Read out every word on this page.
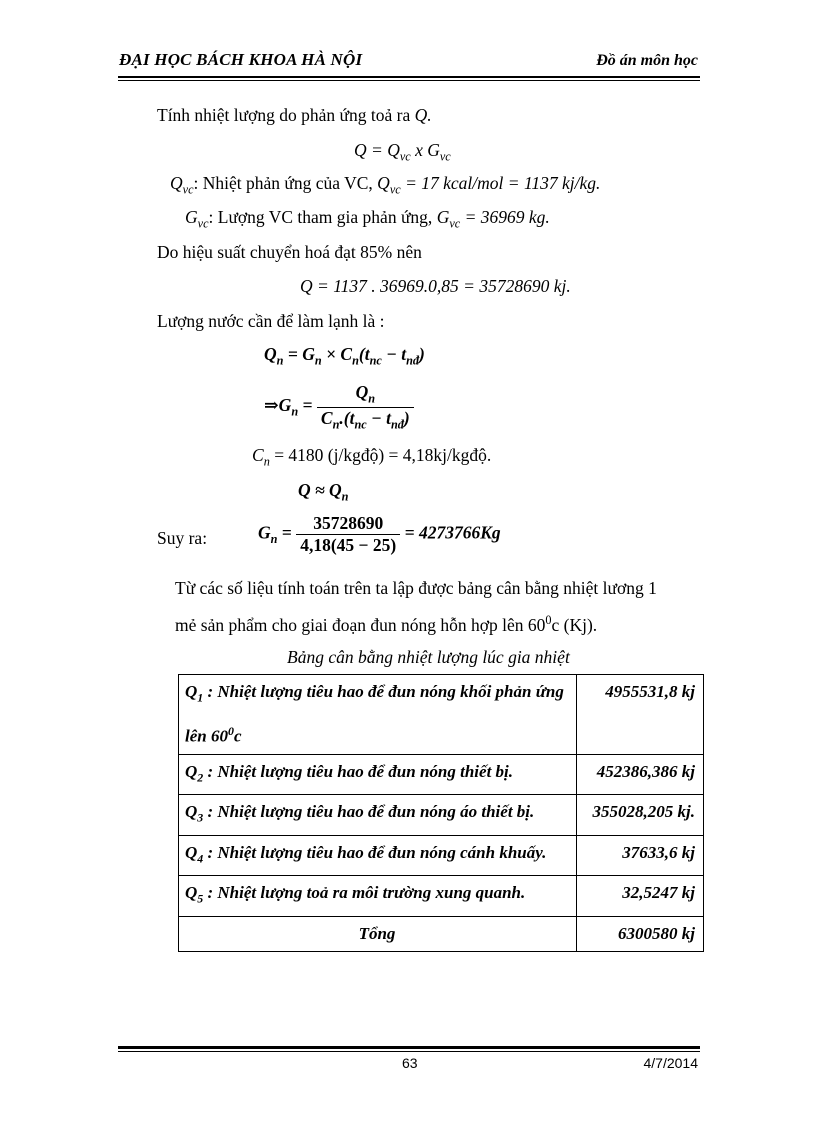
ĐẠI HỌC BÁCH KHOA HÀ NỘI	Đồ án môn học
Tính nhiệt lượng do phản ứng toả ra Q.
$Q = Q_{vc}$ x $G_{vc}$
$Q_{vc}$: Nhiệt phản ứng của VC, $Q_{vc} = 17$ kcal/mol = 1137 kj/kg.
$G_{vc}$: Lượng VC tham gia phản ứng, $G_{vc} = 36969$ kg.
Do hiệu suất chuyển hoá đạt 85% nên
Q = 1137 . 36969.0,85 = 35728690 kj.
Lượng nước cần để làm lạnh là :
$Q_n = G_n \times C_n(t_{nc} - t_{nđ})$
$\Rightarrow G_n = \frac{Q_n}{C_n.(t_{nc} - t_{nđ})}$
$C_n = 4180$ (j/kgđộ) = 4,18kj/kgđộ.
$Q \approx Q_n$
Suy ra:	$G_n = \frac{35728690}{4,18(45 - 25)} = 4273766Kg$
Từ các số liệu tính toán trên ta lập được bảng cân bằng nhiệt lương 1
mẻ sản phẩm cho giai đoạn đun nóng hỗn hợp lên $60^0c$ (Kj).
Bảng cân bằng nhiệt lượng lúc gia nhiệt
$Q_1$ : Nhiệt lượng tiêu hao để đun nóng khối phản ứng lên $60^0c$	4955531,8 kj
$Q_2$ : Nhiệt lượng tiêu hao để đun nóng thiết bị.	452386,386 kj
$Q_3$ : Nhiệt lượng tiêu hao để đun nóng áo thiết bị.	355028,205 kj.
$Q_4$ : Nhiệt lượng tiêu hao để đun nóng cánh khuấy.	37633,6 kj
$Q_5$ : Nhiệt lượng toả ra môi trường xung quanh.	32,5247 kj
Tổng	6300580 kj
63	4/7/2014
